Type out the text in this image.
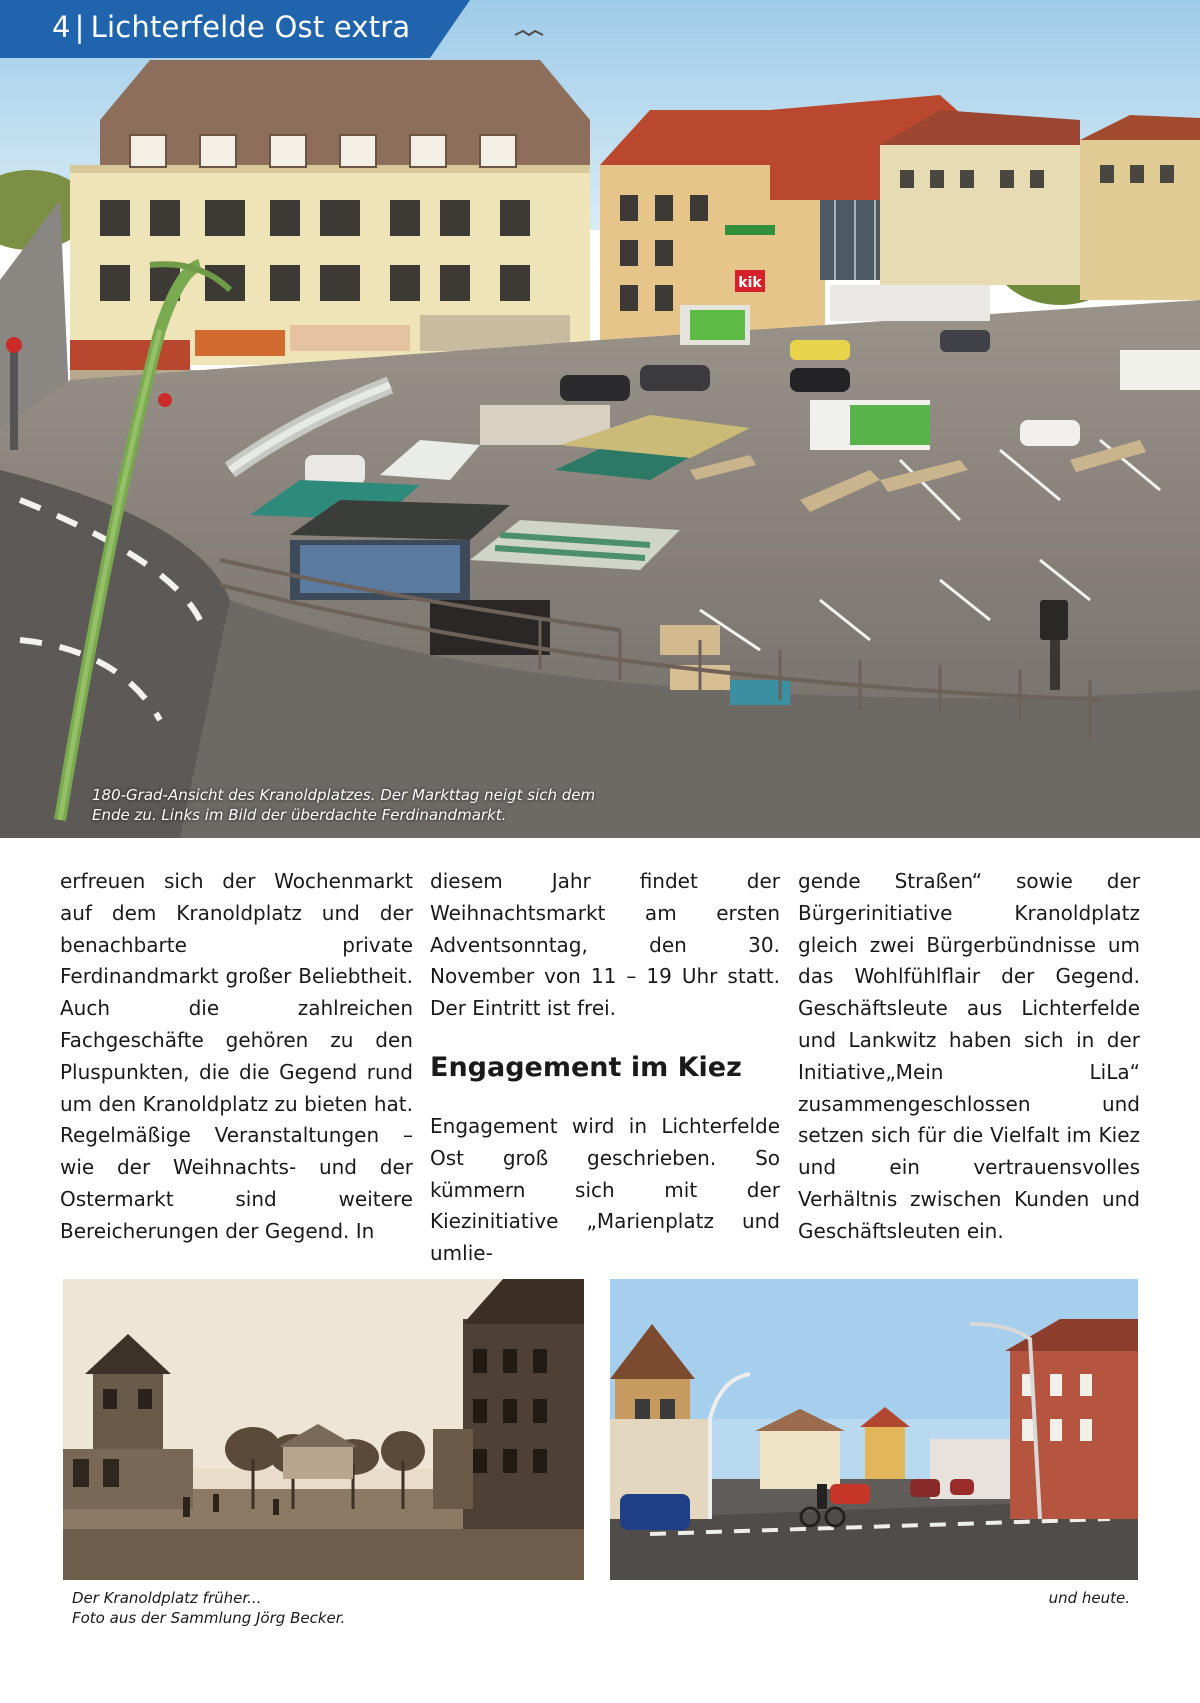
kik
4 | Lichterfelde Ost extra
180-Grad-Ansicht des Kranoldplatzes. Der Markttag neigt sich dem
Ende zu. Links im Bild der überdachte Ferdinandmarkt.

erfreuen sich der Wochenmarkt auf dem Kranoldplatz und der benachbarte private Ferdinandmarkt großer Beliebtheit. Auch die zahlreichen Fachgeschäfte gehören zu den Pluspunkten, die die Gegend rund um den Kranoldplatz zu bieten hat. Regelmäßige Veranstaltungen – wie der Weihnachts- und der Ostermarkt sind weitere Bereicherungen der Gegend. In

diesem Jahr findet der Weihnachtsmarkt am ersten Adventsonntag, den 30. November von 11 – 19 Uhr statt. Der Eintritt ist frei.

Engagement im Kiez

Engagement wird in Lichterfelde Ost groß geschrieben. So kümmern sich mit der Kiezinitiative „Marienplatz und umlie-

gende Straßen“ sowie der Bürgerinitiative Kranoldplatz gleich zwei Bürgerbündnisse um das Wohlfühlflair der Gegend. Geschäftsleute aus Lichterfelde und Lankwitz haben sich in der Initiative„Mein LiLa“ zusammengeschlossen und setzen sich für die Vielfalt im Kiez und ein vertrauensvolles Verhältnis zwischen Kunden und Geschäftsleuten ein.

Der Kranoldplatz früher...
Foto aus der Sammlung Jörg Becker.
und heute.
